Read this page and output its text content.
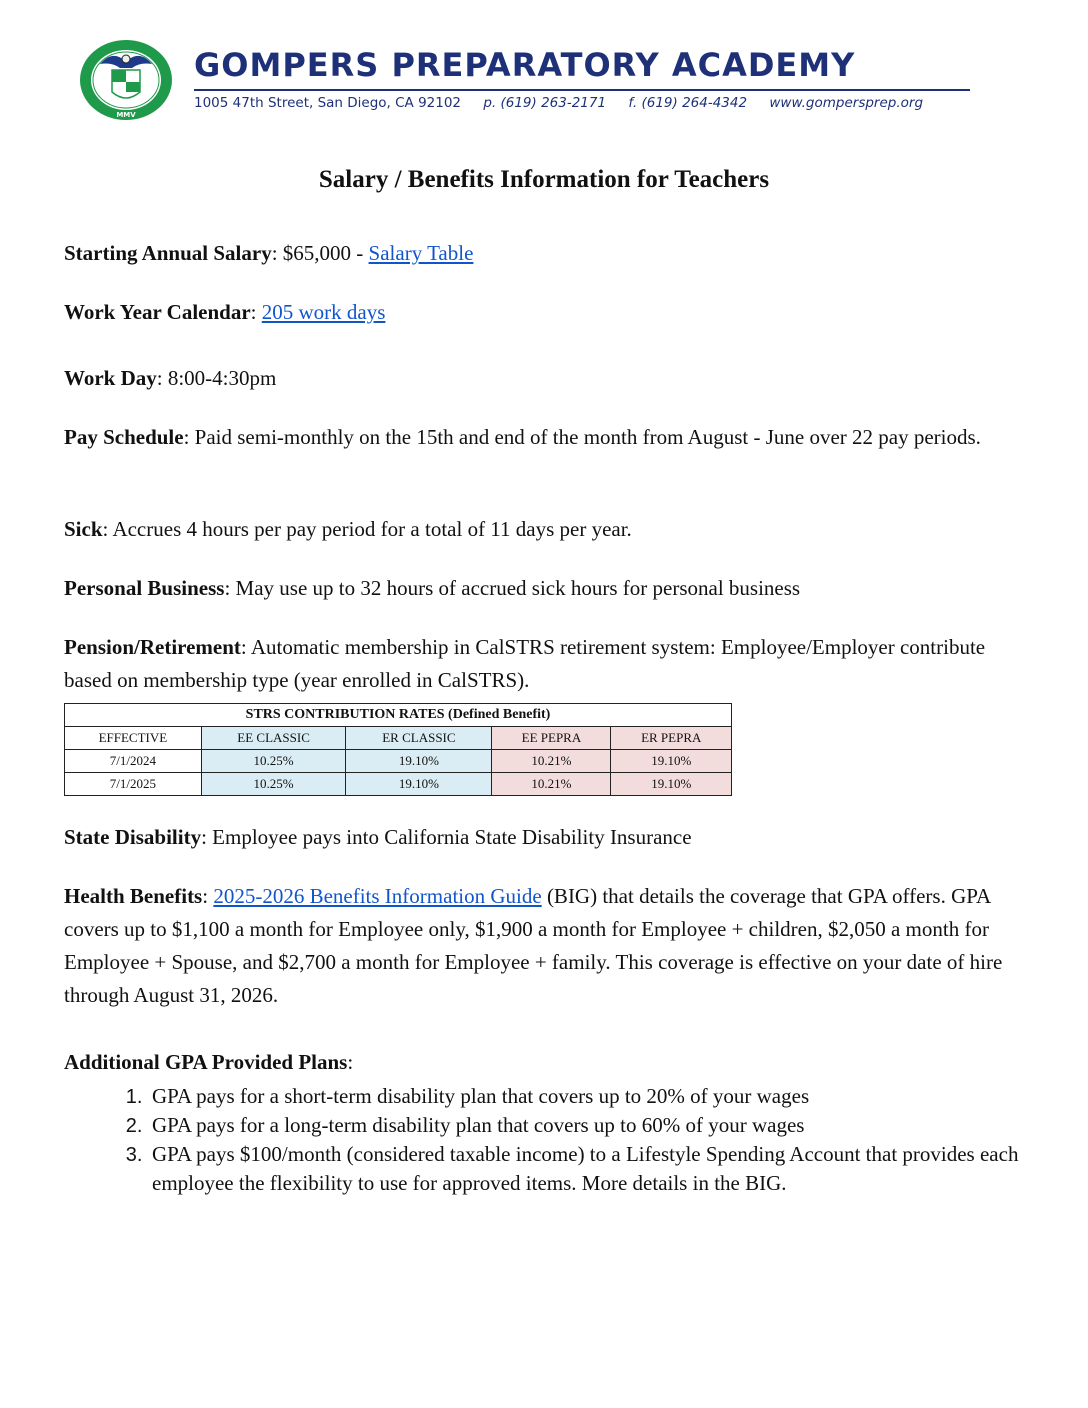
MMV
GOMPERS PREPARATORY ACADEMY
1005 47th Street, San Diego, CA 92102 p. (619) 263-2171 f. (619) 264-4342 www.gompersprep.org
Salary / Benefits Information for Teachers
Starting Annual Salary: $65,000 - Salary Table
Work Year Calendar: 205 work days
Work Day: 8:00-4:30pm
Pay Schedule: Paid semi-monthly on the 15th and end of the month from August - June over 22 pay periods.
Sick: Accrues 4 hours per pay period for a total of 11 days per year.
Personal Business: May use up to 32 hours of accrued sick hours for personal business
Pension/Retirement: Automatic membership in CalSTRS retirement system: Employee/Employer contribute based on membership type (year enrolled in CalSTRS).
STRS CONTRIBUTION RATES (Defined Benefit)				
EFFECTIVE	EE CLASSIC	ER CLASSIC	EE PEPRA	ER PEPRA
7/1/2024	10.25%	19.10%	10.21%	19.10%
7/1/2025	10.25%	19.10%	10.21%	19.10%
State Disability: Employee pays into California State Disability Insurance
Health Benefits: 2025-2026 Benefits Information Guide (BIG) that details the coverage that GPA offers. GPA covers up to $1,100 a month for Employee only, $1,900 a month for Employee + children, $2,050 a month for Employee + Spouse, and $2,700 a month for Employee + family. This coverage is effective on your date of hire through August 31, 2026.
Additional GPA Provided Plans:
1. GPA pays for a short-term disability plan that covers up to 20% of your wages
2. GPA pays for a long-term disability plan that covers up to 60% of your wages
3. GPA pays $100/month (considered taxable income) to a Lifestyle Spending Account that provides each employee the flexibility to use for approved items. More details in the BIG.
